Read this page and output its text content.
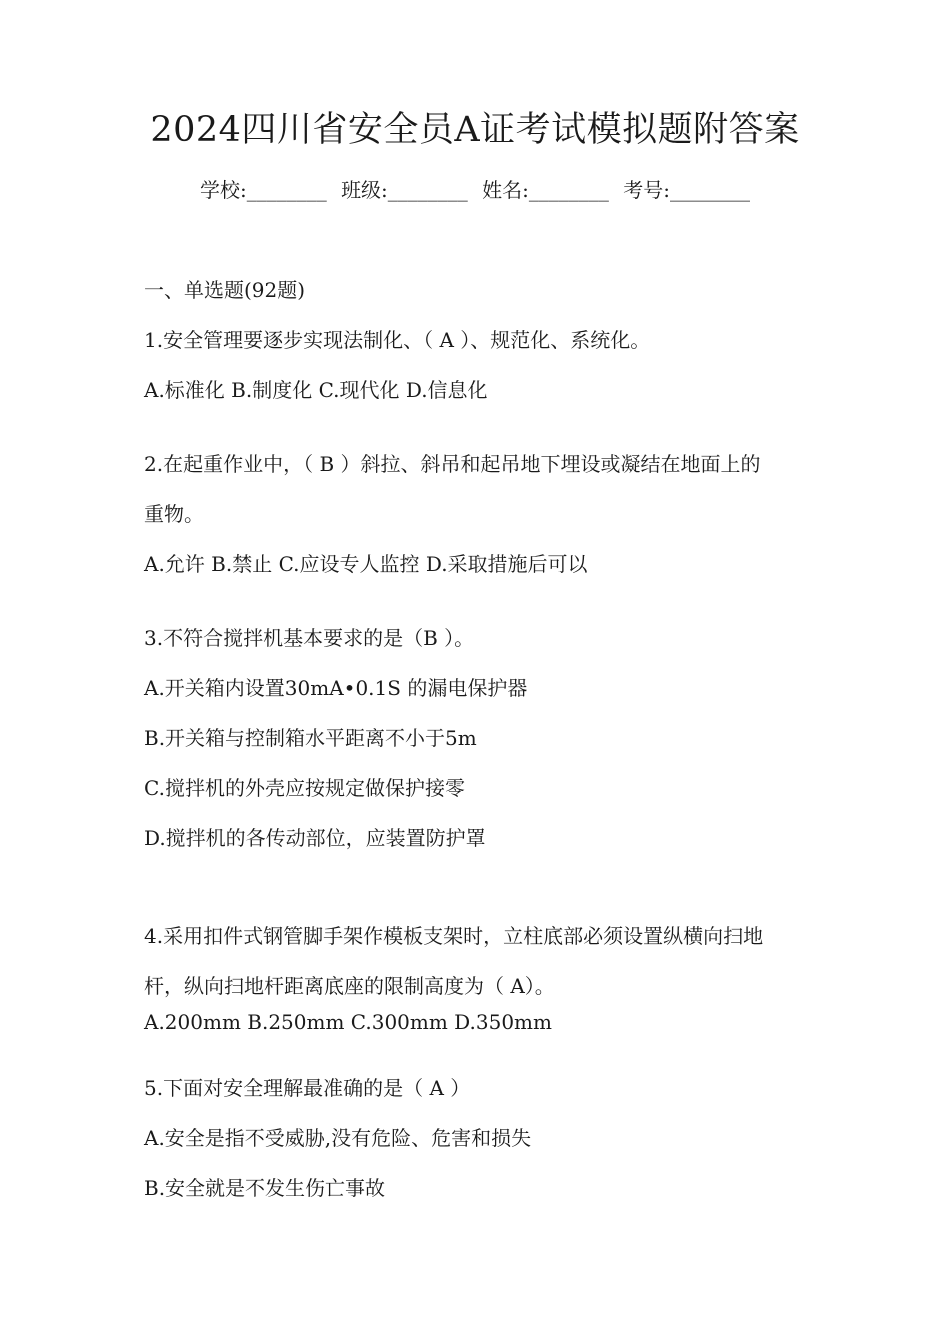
2024四川省安全员A证考试模拟题附答案
学校:________ 班级:________ 姓名:________ 考号:________
一、单选题(92题)
1.安全管理要逐步实现法制化、（ A ）、规范化、系统化。
A.标准化 B.制度化 C.现代化 D.信息化
2.在起重作业中，（ B ）斜拉、斜吊和起吊地下埋设或凝结在地面上的
重物。
A.允许 B.禁止 C.应设专人监控 D.采取措施后可以
3.不符合搅拌机基本要求的是（B ）。
A.开关箱内设置30mA•0.1S 的漏电保护器
B.开关箱与控制箱水平距离不小于5m
C.搅拌机的外壳应按规定做保护接零
D.搅拌机的各传动部位，应装置防护罩
4.采用扣件式钢管脚手架作模板支架时，立柱底部必须设置纵横向扫地
杆，纵向扫地杆距离底座的限制高度为（ A）。
A.200mm B.250mm C.300mm D.350mm
5.下面对安全理解最准确的是（ A ）
A.安全是指不受威胁,没有危险、危害和损失
B.安全就是不发生伤亡事故
